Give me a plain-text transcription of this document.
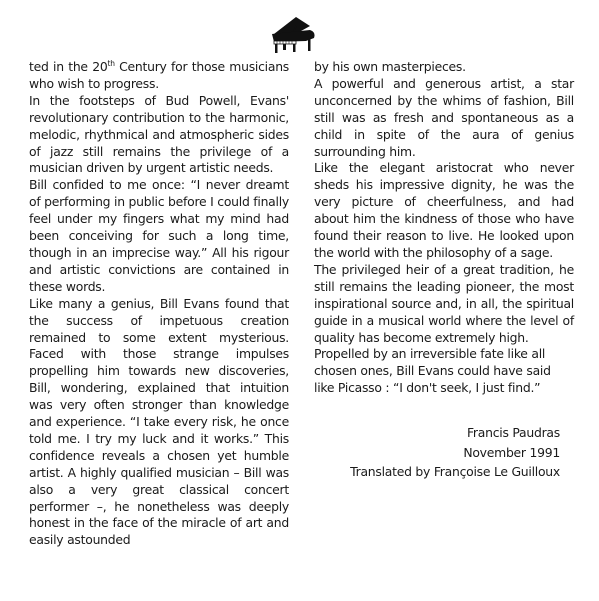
ted in the 20th Century for those musicians who wish to progress.

In the footsteps of Bud Powell, Evans' revolutionary contribution to the harmonic, melodic, rhythmical and atmospheric sides of jazz still remains the privilege of a musician driven by urgent artistic needs.

Bill confided to me once: “I never dreamt of performing in public before I could finally feel under my fingers what my mind had been conceiving for such a long time, though in an imprecise way.” All his rigour and artistic convictions are contained in these words.

Like many a genius, Bill Evans found that the success of impetuous creation remained to some extent mysterious. Faced with those strange impulses propelling him towards new discoveries, Bill, wondering, explained that intuition was very often stronger than knowledge and experience. “I take every risk, he once told me. I try my luck and it works.” This confidence reveals a chosen yet humble artist. A highly qualified musician – Bill was also a very great classical concert performer –, he nonetheless was deeply honest in the face of the miracle of art and easily astounded

by his own masterpieces.

A powerful and generous artist, a star unconcerned by the whims of fashion, Bill still was as fresh and spontaneous as a child in spite of the aura of genius surrounding him.

Like the elegant aristocrat who never sheds his impressive dignity, he was the very picture of cheerfulness, and had about him the kindness of those who have found their reason to live. He looked upon the world with the philosophy of a sage.

The privileged heir of a great tradition, he still remains the leading pioneer, the most inspirational source and, in all, the spiritual guide in a musical world where the level of quality has become extremely high.

Propelled by an irreversible fate like all chosen ones, Bill Evans could have said like Picasso : “I don't seek, I just find.”

Francis Paudras
November 1991
Translated by Françoise Le Guilloux
